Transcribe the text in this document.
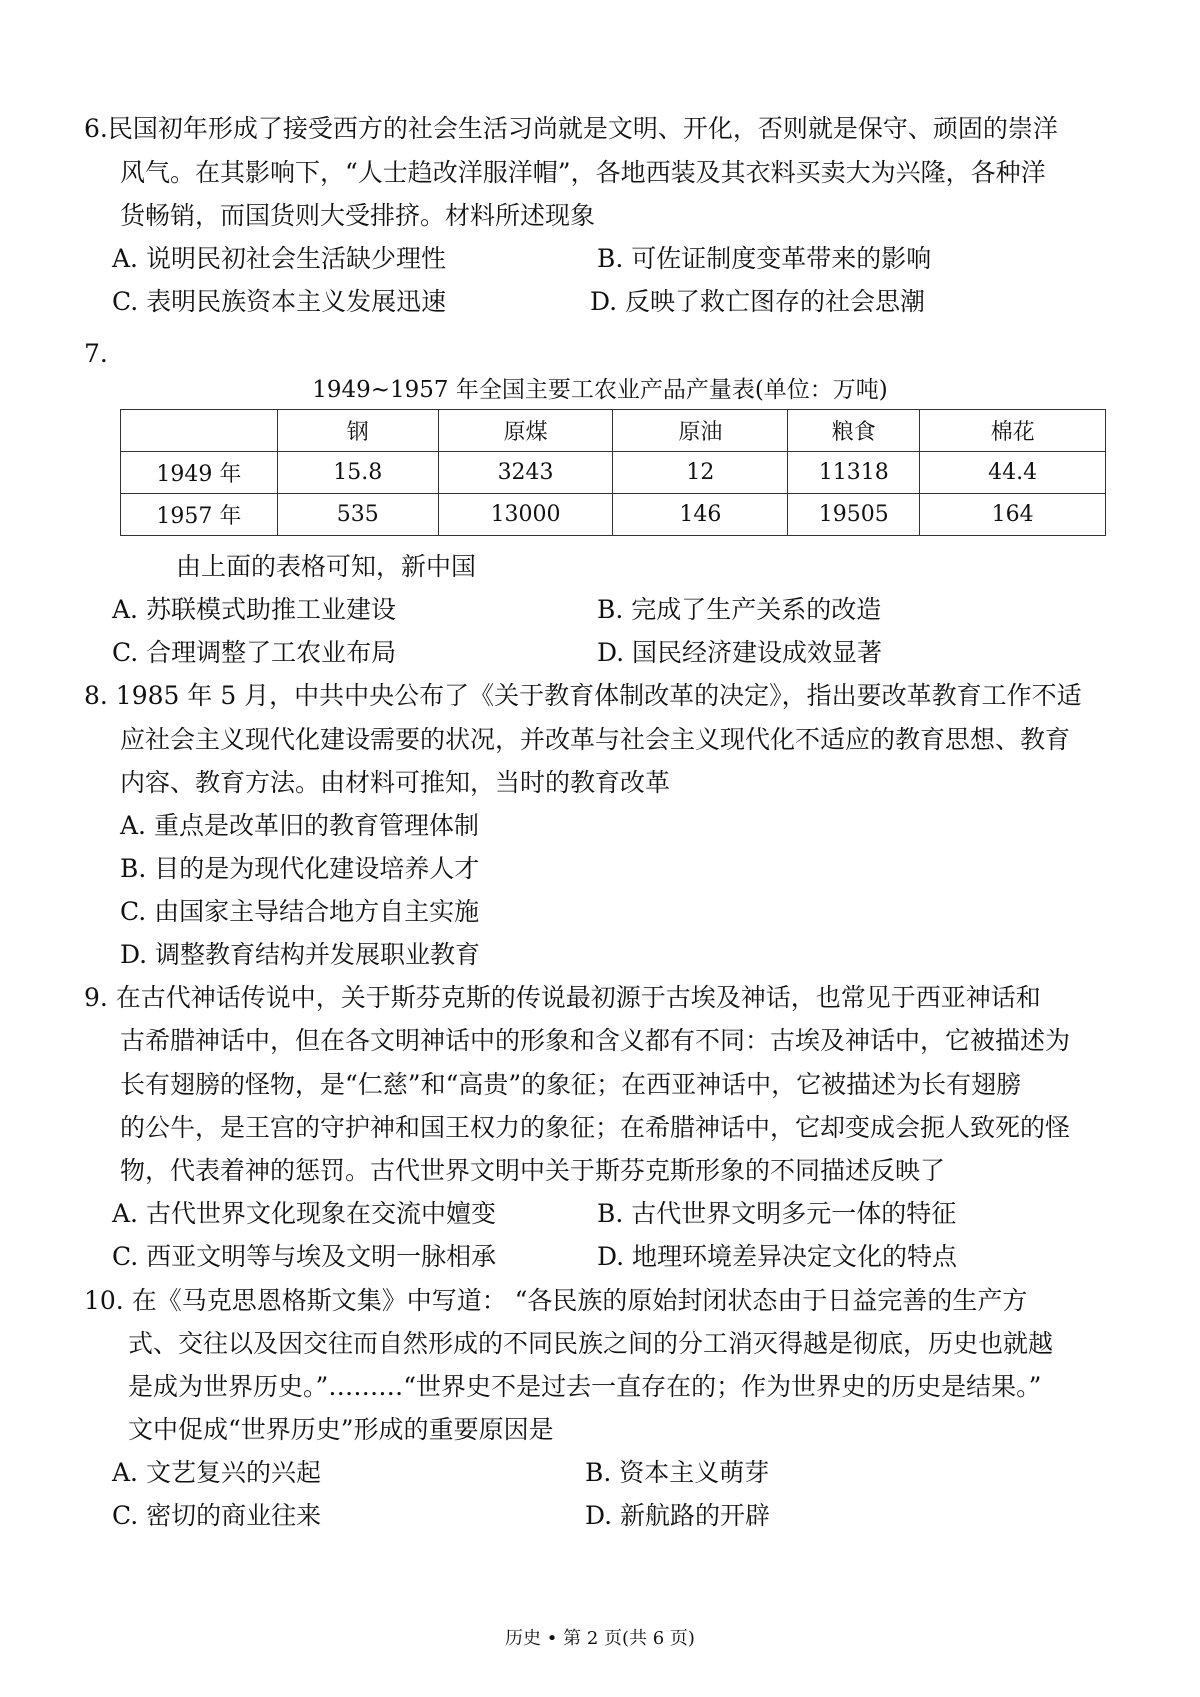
6.民国初年形成了接受西方的社会生活习尚就是文明、开化，否则就是保守、顽固的崇洋
风气。在其影响下，“人士趋改洋服洋帽”，各地西装及其衣料买卖大为兴隆，各种洋
货畅销，而国货则大受排挤。材料所述现象
A. 说明民初社会生活缺少理性	B. 可佐证制度变革带来的影响
C. 表明民族资本主义发展迅速	D. 反映了救亡图存的社会思潮
7.
1949~1957 年全国主要工农业产品产量表(单位：万吨)
	钢	原煤	原油	粮食	棉花
1949 年	15.8	3243	12	11318	44.4
1957 年	535	13000	146	19505	164
由上面的表格可知，新中国
A. 苏联模式助推工业建设	B. 完成了生产关系的改造
C. 合理调整了工农业布局	D. 国民经济建设成效显著
8. 1985 年 5 月，中共中央公布了《关于教育体制改革的决定》，指出要改革教育工作不适
应社会主义现代化建设需要的状况，并改革与社会主义现代化不适应的教育思想、教育
内容、教育方法。由材料可推知，当时的教育改革
A. 重点是改革旧的教育管理体制
B. 目的是为现代化建设培养人才
C. 由国家主导结合地方自主实施
D. 调整教育结构并发展职业教育
9. 在古代神话传说中，关于斯芬克斯的传说最初源于古埃及神话，也常见于西亚神话和
古希腊神话中，但在各文明神话中的形象和含义都有不同：古埃及神话中，它被描述为
长有翅膀的怪物，是“仁慈”和“高贵”的象征；在西亚神话中，它被描述为长有翅膀
的公牛，是王宫的守护神和国王权力的象征；在希腊神话中，它却变成会扼人致死的怪
物，代表着神的惩罚。古代世界文明中关于斯芬克斯形象的不同描述反映了
A. 古代世界文化现象在交流中嬗变	B. 古代世界文明多元一体的特征
C. 西亚文明等与埃及文明一脉相承	D. 地理环境差异决定文化的特点
10. 在《马克思恩格斯文集》中写道： “各民族的原始封闭状态由于日益完善的生产方
式、交往以及因交往而自然形成的不同民族之间的分工消灭得越是彻底，历史也就越
是成为世界历史。”………“世界史不是过去一直存在的；作为世界史的历史是结果。”
文中促成“世界历史”形成的重要原因是
A. 文艺复兴的兴起	B. 资本主义萌芽
C. 密切的商业往来	D. 新航路的开辟
历史 • 第 2 页(共 6 页)
